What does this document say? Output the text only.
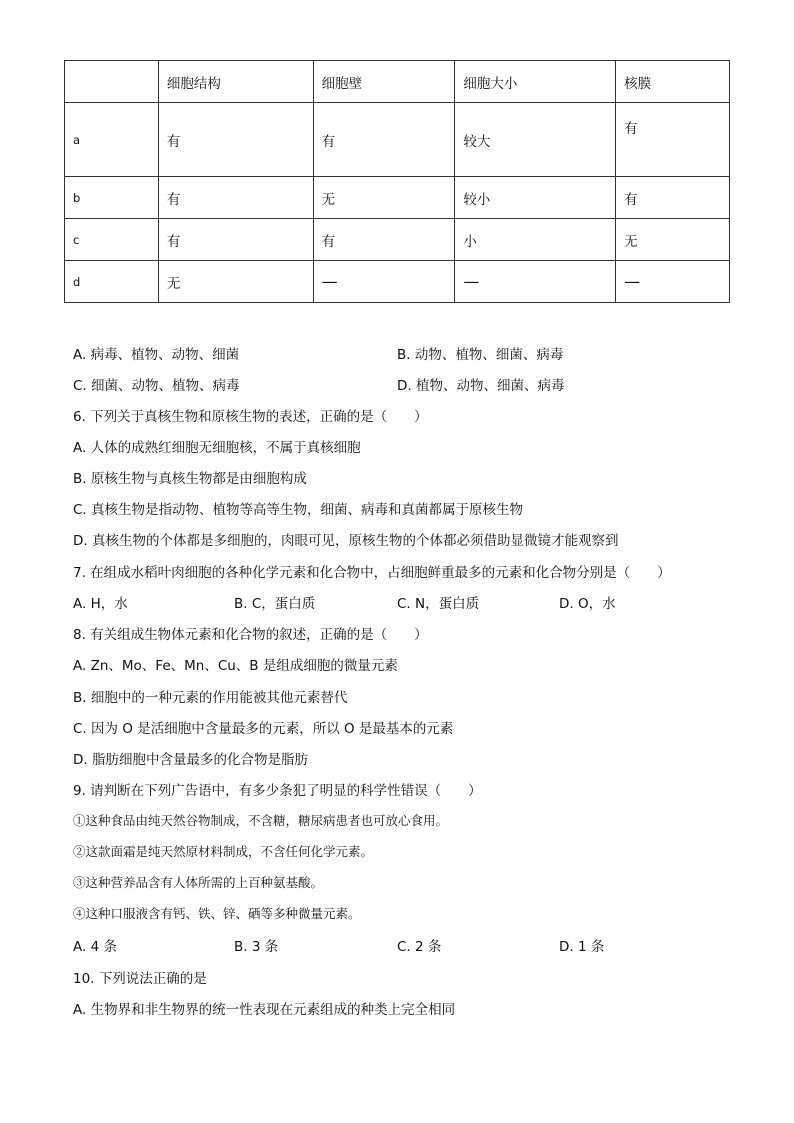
	细胞结构	细胞壁	细胞大小	核膜
a	有	有	较大	有
b	有	无	较小	有
c	有	有	小	无
d	无	—	—	—
A. 病毒、植物、动物、细菌	B. 动物、植物、细菌、病毒
C. 细菌、动物、植物、病毒	D. 植物、动物、细菌、病毒
6. 下列关于真核生物和原核生物的表述，正确的是（　　）
A. 人体的成熟红细胞无细胞核，不属于真核细胞
B. 原核生物与真核生物都是由细胞构成
C. 真核生物是指动物、植物等高等生物，细菌、病毒和真菌都属于原核生物
D. 真核生物的个体都是多细胞的，肉眼可见，原核生物的个体都必须借助显微镜才能观察到
7. 在组成水稻叶肉细胞的各种化学元素和化合物中，占细胞鲜重最多的元素和化合物分别是（　　）
A. H，水	B. C，蛋白质	C. N，蛋白质	D. O，水
8. 有关组成生物体元素和化合物的叙述，正确的是（　　）
A. Zn、Mo、Fe、Mn、Cu、B 是组成细胞的微量元素
B. 细胞中的一种元素的作用能被其他元素替代
C. 因为 O 是活细胞中含量最多的元素，所以 O 是最基本的元素
D. 脂肪细胞中含量最多的化合物是脂肪
9. 请判断在下列广告语中，有多少条犯了明显的科学性错误（　　）
①这种食品由纯天然谷物制成，不含糖，糖尿病患者也可放心食用。
②这款面霜是纯天然原材料制成，不含任何化学元素。
③这种营养品含有人体所需的上百种氨基酸。
④这种口服液含有钙、铁、锌、硒等多种微量元素。
A. 4 条	B. 3 条	C. 2 条	D. 1 条
10. 下列说法正确的是
A. 生物界和非生物界的统一性表现在元素组成的种类上完全相同
